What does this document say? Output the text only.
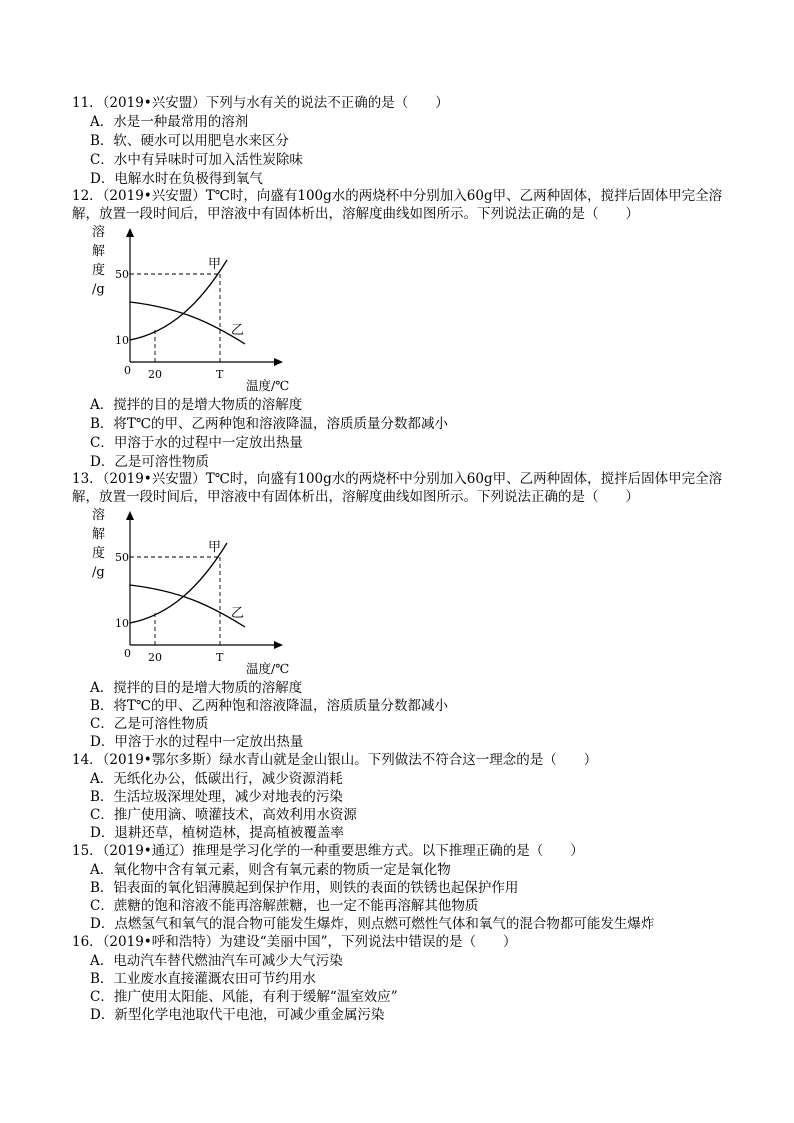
11．（2019•兴安盟）下列与水有关的说法不正确的是（　　）
A．水是一种最常用的溶剂
B．软、硬水可以用肥皂水来区分
C．水中有异味时可加入活性炭除味
D．电解水时在负极得到氧气
12．（2019•兴安盟）T℃时，向盛有100g水的两烧杯中分别加入60g甲、乙两种固体，搅拌后固体甲完全溶解，放置一段时间后，甲溶液中有固体析出，溶解度曲线如图所示。下列说法正确的是（　　）
溶
解
度
/g
0
50
10
20	T
甲
乙
温度/℃
A．搅拌的目的是增大物质的溶解度
B．将T℃的甲、乙两种饱和溶液降温，溶质质量分数都减小
C．甲溶于水的过程中一定放出热量
D．乙是可溶性物质
13．（2019•兴安盟）T℃时，向盛有100g水的两烧杯中分别加入60g甲、乙两种固体，搅拌后固体甲完全溶解，放置一段时间后，甲溶液中有固体析出，溶解度曲线如图所示。下列说法正确的是（　　）
溶
解
度
/g
0
50
10
20	T
甲
乙
温度/℃
A．搅拌的目的是增大物质的溶解度
B．将T℃的甲、乙两种饱和溶液降温，溶质质量分数都减小
C．乙是可溶性物质
D．甲溶于水的过程中一定放出热量
14．（2019•鄂尔多斯）绿水青山就是金山银山。下列做法不符合这一理念的是（　　）
A．无纸化办公，低碳出行，减少资源消耗
B．生活垃圾深埋处理，减少对地表的污染
C．推广使用滴、喷灌技术，高效利用水资源
D．退耕还草，植树造林，提高植被覆盖率
15．（2019•通辽）推理是学习化学的一种重要思维方式。以下推理正确的是（　　）
A．氧化物中含有氧元素，则含有氧元素的物质一定是氧化物
B．铝表面的氧化铝薄膜起到保护作用，则铁的表面的铁锈也起保护作用
C．蔗糖的饱和溶液不能再溶解蔗糖，也一定不能再溶解其他物质
D．点燃氢气和氧气的混合物可能发生爆炸，则点燃可燃性气体和氧气的混合物都可能发生爆炸
16．（2019•呼和浩特）为建设“美丽中国”，下列说法中错误的是（　　）
A．电动汽车替代燃油汽车可减少大气污染
B．工业废水直接灌溉农田可节约用水
C．推广使用太阳能、风能，有利于缓解“温室效应”
D．新型化学电池取代干电池，可减少重金属污染
